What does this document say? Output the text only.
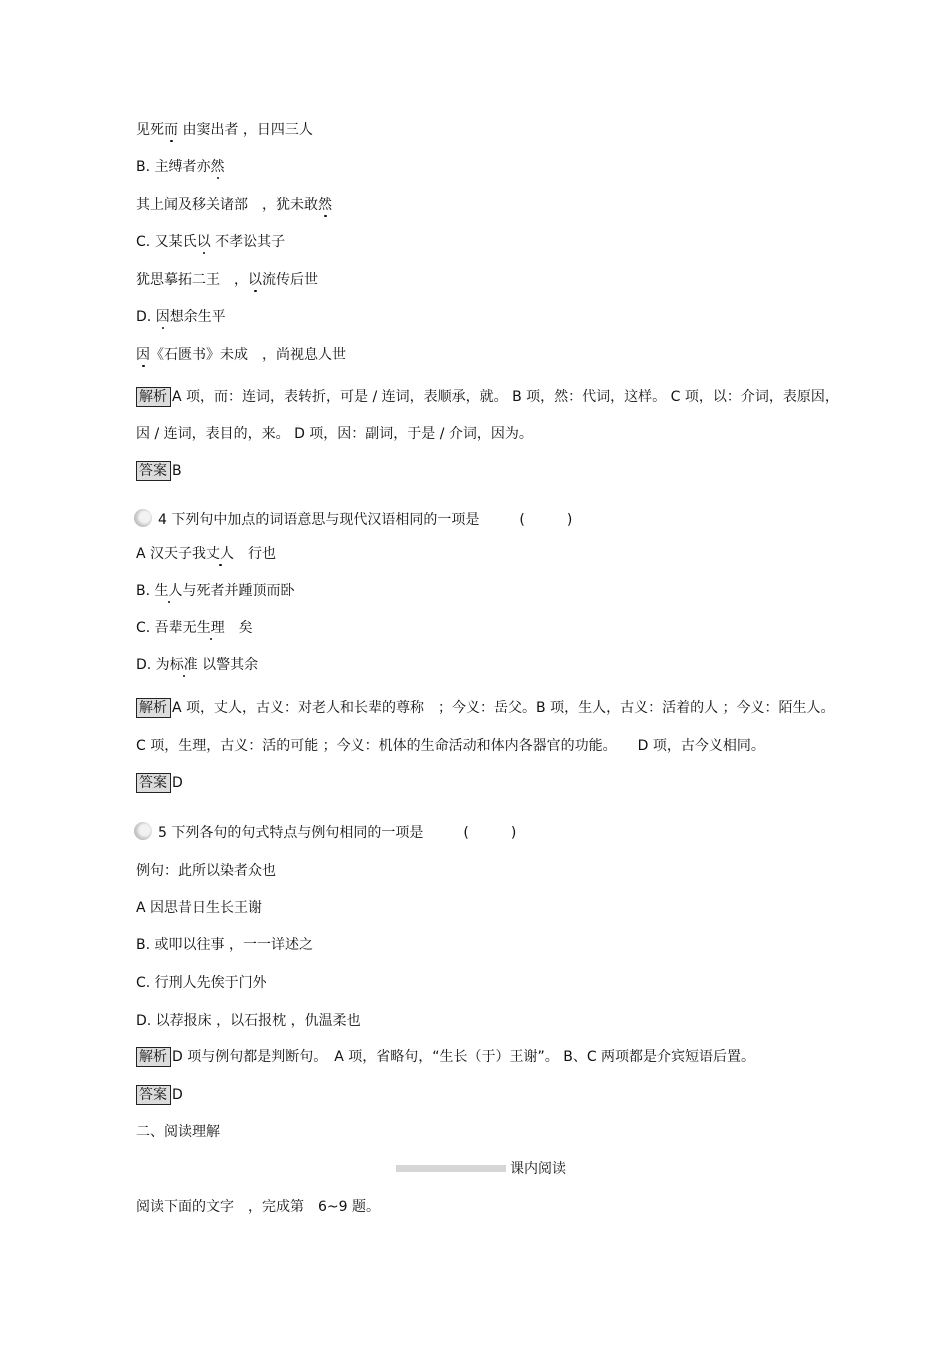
见死而 由窦出者 ，日四三人
B. 主缚者亦然
其上闻及移关诸部　，犹未敢然
C. 又某氏以 不孝讼其子
犹思摹拓二王　，以流传后世
D. 因想余生平
因《石匮书》未成　，尚视息人世
解析 A 项，而：连词，表转折，可是 / 连词，表顺承，就。 B 项，然：代词，这样。 C 项，以：介词，表原因，
因 / 连词，表目的，来。 D 项，因：副词，于是 / 介词，因为。
答案 B
4 下列句中加点的词语意思与现代汉语相同的一项是	(　　　)
A 汉天子我丈人　行也
B. 生人与死者并踵顶而卧
C. 吾辈无生理　矣
D. 为标准 以警其余
解析 A 项，丈人，古义：对老人和长辈的尊称　；今义：岳父。B 项，生人，古义：活着的人 ；今义：陌生人。
C 项，生理，古义：活的可能 ；今义：机体的生命活动和体内各器官的功能。　　D 项，古今义相同。
答案 D
5 下列各句的句式特点与例句相同的一项是	(　　　)
例句：此所以染者众也
A 因思昔日生长王谢
B. 或叩以往事 ，一一详述之
C. 行刑人先俟于门外
D. 以荐报床 ，以石报枕 ，仇温柔也
解析 D 项与例句都是判断句。　A 项，省略句，“生长（于）王谢”。 B、C 两项都是介宾短语后置。
答案 D
二、阅读理解
课内阅读
阅读下面的文字　，完成第　6~9 题。
